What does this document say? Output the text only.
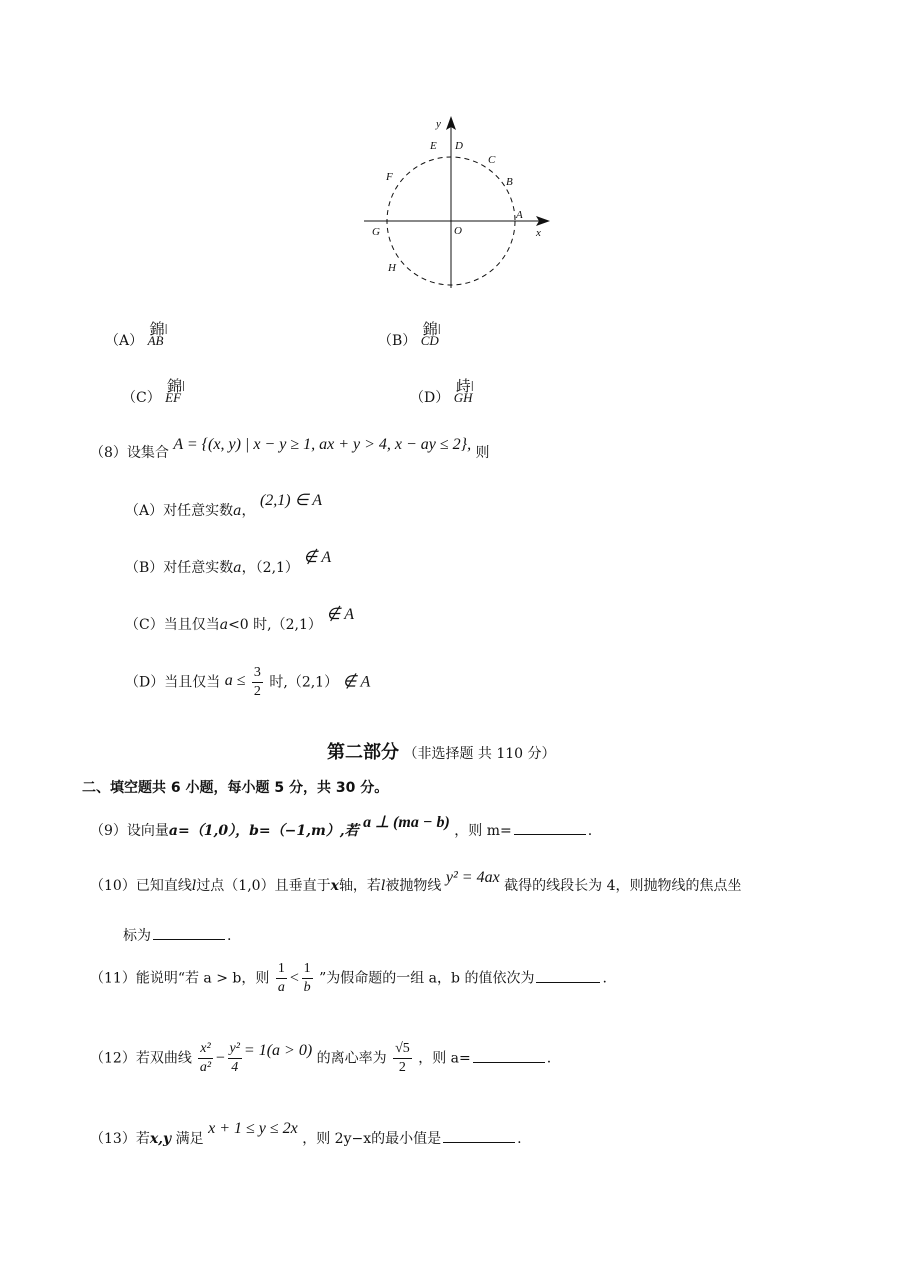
x
y
O
A
B
C
D
E
F
G
H
（A）
錦ǀ
AB	（B）
錦ǀ
CD
（C）
錦ǀ
EF	（D）
歭ǀ
GH
（8）设集合 A = {(x, y) | x − y ≥ 1, ax + y > 4, x − ay ≤ 2}, 则
（A）对任意实数a， (2,1) ∈ A
（B）对任意实数a，（2,1） ∉ A
（C）当且仅当a<0 时,（2,1） ∉ A
（D）当且仅当 $a \le \frac{3}{2}$ 时,（2,1） ∉ A
第二部分 （非选择题 共 110 分）
二、填空题共 6 小题，每小题 5 分，共 30 分。
（9）设向量a=（1,0），b=（−1,m）,若 a ⊥ (ma − b) ，则 m=	.
（10）已知直线l过点（1,0）且垂直于x轴，若l被抛物线 y² = 4ax 截得的线段长为 4，则抛物线的焦点坐
标为	.
（11）能说明“若 a > b，则 $\frac{1}{a} < \frac{1}{b}$ ”为假命题的一组 a，b 的值依次为	.
（12）若双曲线 $\frac{\text{x²}}{\text{a²}} - \frac{\text{y²}}{4} = 1(a > 0)$ 的离心率为 $\frac{√5}{2}$ ，则 a=	.
（13）若x,y 满足 x + 1 ≤ y ≤ 2x ，则 2y−x的最小值是	.
